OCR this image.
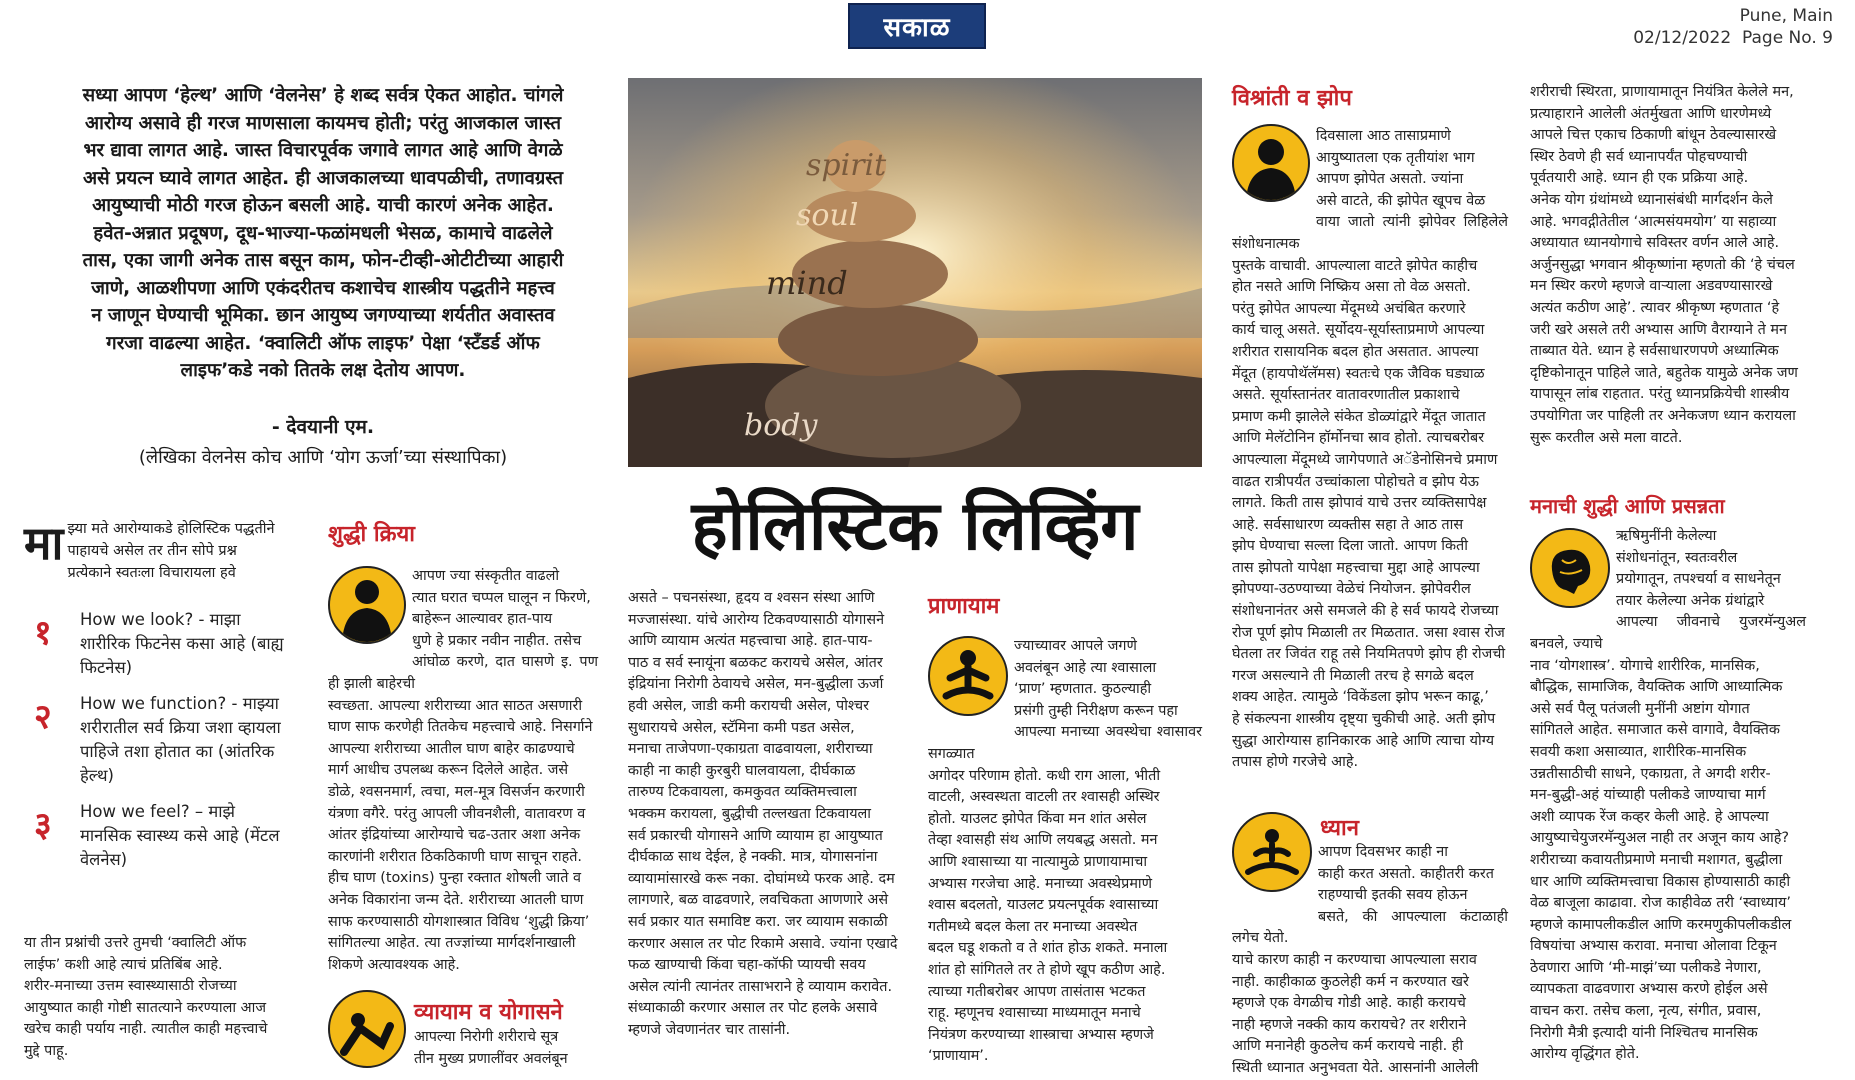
सकाळ	Pune, Main
02/12/2022  Page No. 9
सध्या आपण ‘हेल्थ’ आणि ‘वेलनेस’ हे शब्द सर्वत्र ऐकत आहोत. चांगले
आरोग्य असावे ही गरज माणसाला कायमच होती; परंतु आजकाल जास्त
भर द्यावा लागत आहे. जास्त विचारपूर्वक जगावे लागत आहे आणि वेगळे
असे प्रयत्न घ्यावे लागत आहेत. ही आजकालच्या धावपळीची, तणावग्रस्त
आयुष्याची मोठी गरज होऊन बसली आहे. याची कारणं अनेक आहेत.
हवेत-अन्नात प्रदूषण, दूध-भाज्या-फळांमधली भेसळ, कामाचे वाढलेले
तास, एका जागी अनेक तास बसून काम, फोन-टीव्ही-ओटीटीच्या आहारी
जाणे, आळशीपणा आणि एकंदरीतच कशाचेच शास्त्रीय पद्धतीने महत्त्व
न जाणून घेण्याची भूमिका. छान आयुष्य जगण्याच्या शर्यतीत अवास्तव
गरजा वाढल्या आहेत. ‘क्वालिटी ऑफ लाइफ’ पेक्षा ‘स्टँडर्ड ऑफ
लाइफ’कडे नको तितके लक्ष देतोय आपण.
- देवयानी एम.
(लेखिका वेलनेस कोच आणि ‘योग ऊर्जा’च्या संस्थापिका)
spirit
soul
mind
body
होलिस्टिक लिव्हिंग
मा झ्या मते आरोग्याकडे होलिस्टिक पद्धतीने
पाहायचे असेल तर तीन सोपे प्रश्न
प्रत्येकाने स्वतःला विचारायला हवे
१	How we look? - माझा
शारीरिक फिटनेस कसा आहे (बाह्य
फिटनेस)
२	How we function? - माझ्या
शरीरातील सर्व क्रिया जशा व्हायला
पाहिजे तशा होतात का (आंतरिक
हेल्थ)
३	How we feel? – माझे
मानसिक स्वास्थ्य कसे आहे (मेंटल
वेलनेस)
या तीन प्रश्नांची उत्तरे तुमची ‘क्वालिटी ऑफ
लाईफ’ कशी आहे त्याचं प्रतिबिंब आहे.
शरीर-मनाच्या उत्तम स्वास्थ्यासाठी रोजच्या
आयुष्यात काही गोष्टी सातत्याने करण्याला आज
खरेच काही पर्याय नाही. त्यातील काही महत्त्वाचे
मुद्दे पाहू.
शुद्धी क्रिया
आपण ज्या संस्कृतीत वाढलो
त्यात घरात चप्पल घालून न फिरणे,
बाहेरून आल्यावर हात-पाय
धुणे हे प्रकार नवीन नाहीत. तसेच
आंघोळ करणे, दात घासणे इ. पण ही झाली बाहेरची
स्वच्छता. आपल्या शरीराच्या आत साठत असणारी
घाण साफ करणेही तितकेच महत्त्वाचे आहे. निसर्गाने
आपल्या शरीराच्या आतील घाण बाहेर काढण्याचे
मार्ग आधीच उपलब्ध करून दिलेले आहेत. जसे
डोळे, श्वसनमार्ग, त्वचा, मल-मूत्र विसर्जन करणारी
यंत्रणा वगैरे. परंतु आपली जीवनशैली, वातावरण व
आंतर इंद्रियांच्या आरोग्याचे चढ-उतार अशा अनेक
कारणांनी शरीरात ठिकठिकाणी घाण साचून राहते.
हीच घाण (toxins) पुन्हा रक्तात शोषली जाते व
अनेक विकारांना जन्म देते. शरीराच्या आतली घाण
साफ करण्यासाठी योगशास्त्रात विविध ‘शुद्धी क्रिया’
सांगितल्या आहेत. त्या तज्ज्ञांच्या मार्गदर्शनाखाली
शिकणे अत्यावश्यक आहे.
व्यायाम व योगासने
आपल्या निरोगी शरीराचे सूत्र
तीन मुख्य प्रणालींवर अवलंबून
असते – पचनसंस्था, हृदय व श्वसन संस्था आणि
मज्जासंस्था. यांचे आरोग्य टिकवण्यासाठी योगासने
आणि व्यायाम अत्यंत महत्त्वाचा आहे. हात-पाय-
पाठ व सर्व स्नायूंना बळकट करायचे असेल, आंतर
इंद्रियांना निरोगी ठेवायचे असेल, मन-बुद्धीला ऊर्जा
हवी असेल, जाडी कमी करायची असेल, पोश्चर
सुधारायचे असेल, स्टॅमिना कमी पडत असेल,
मनाचा ताजेपणा-एकाग्रता वाढवायला, शरीराच्या
काही ना काही कुरबुरी घालवायला, दीर्घकाळ
तारुण्य टिकवायला, कमकुवत व्यक्तिमत्त्वाला
भक्कम करायला, बुद्धीची तल्लखता टिकवायला
सर्व प्रकारची योगासने आणि व्यायाम हा आयुष्यात
दीर्घकाळ साथ देईल, हे नक्की. मात्र, योगासनांना
व्यायामांसारखे करू नका. दोघांमध्ये फरक आहे. दम
लागणारे, बळ वाढवणारे, लवचिकता आणणारे असे
सर्व प्रकार यात समाविष्ट करा. जर व्यायाम सकाळी
करणार असाल तर पोट रिकामे असावे. ज्यांना एखादे
फळ खाण्याची किंवा चहा-कॉफी प्यायची सवय
असेल त्यांनी त्यानंतर तासाभराने हे व्यायाम करावेत.
संध्याकाळी करणार असाल तर पोट हलके असावे
म्हणजे जेवणानंतर चार तासांनी.
प्राणायाम
ज्याच्यावर आपले जगणे
अवलंबून आहे त्या श्वासाला
‘प्राण’ म्हणतात. कुठल्याही
प्रसंगी तुम्ही निरीक्षण करून पहा
आपल्या मनाच्या अवस्थेचा श्वासावर सगळ्यात
अगोदर परिणाम होतो. कधी राग आला, भीती
वाटली, अस्वस्थता वाटली तर श्वासही अस्थिर
होतो. याउलट झोपेत किंवा मन शांत असेल
तेव्हा श्वासही संथ आणि लयबद्ध असतो. मन
आणि श्वासाच्या या नात्यामुळे प्राणायामाचा
अभ्यास गरजेचा आहे. मनाच्या अवस्थेप्रमाणे
श्वास बदलतो, याउलट प्रयत्नपूर्वक श्वासाच्या
गतीमध्ये बदल केला तर मनाच्या अवस्थेत
बदल घडू शकतो व ते शांत होऊ शकते. मनाला
शांत हो सांगितले तर ते होणे खूप कठीण आहे.
त्याच्या गतीबरोबर आपण तासंतास भटकत
राहू. म्हणूनच श्वासाच्या माध्यमातून मनाचे
नियंत्रण करण्याच्या शास्त्राचा अभ्यास म्हणजे
‘प्राणायाम’.
विश्रांती व झोप
दिवसाला आठ तासाप्रमाणे
आयुष्यातला एक तृतीयांश भाग
आपण झोपेत असतो. ज्यांना
असे वाटते, की झोपेत खूपच वेळ
वाया जातो त्यांनी झोपेवर लिहिलेले संशोधनात्मक
पुस्तके वाचावी. आपल्याला वाटते झोपेत काहीच
होत नसते आणि निष्क्रिय असा तो वेळ असतो.
परंतु झोपेत आपल्या मेंदूमध्ये अचंबित करणारे
कार्य चालू असते. सूर्योदय-सूर्यास्ताप्रमाणे आपल्या
शरीरात रासायनिक बदल होत असतात. आपल्या
मेंदूत (हायपोथॅलॅमस) स्वतःचे एक जैविक घड्याळ
असते. सूर्यास्तानंतर वातावरणातील प्रकाशाचे
प्रमाण कमी झालेले संकेत डोळ्यांद्वारे मेंदूत जातात
आणि मेलॅटोनिन हॉर्मोनचा स्राव होतो. त्याचबरोबर
आपल्याला मेंदूमध्ये जागेपणाते अॅडेनोसिनचे प्रमाण
वाढत रात्रीपर्यंत उच्चांकाला पोहोचते व झोप येऊ
लागते. किती तास झोपावं याचे उत्तर व्यक्तिसापेक्ष
आहे. सर्वसाधारण व्यक्तीस सहा ते आठ तास
झोप घेण्याचा सल्ला दिला जातो. आपण किती
तास झोपतो यापेक्षा महत्त्वाचा मुद्दा आहे आपल्या
झोपण्या-उठण्याच्या वेळेचं नियोजन. झोपेवरील
संशोधनानंतर असे समजले की हे सर्व फायदे रोजच्या
रोज पूर्ण झोप मिळाली तर मिळतात. जसा श्वास रोज
घेतला तर जिवंत राहू तसे नियमितपणे झोप ही रोजची
गरज असल्याने ती मिळाली तरच हे सगळे बदल
शक्य आहेत. त्यामुळे ‘विकेंडला झोप भरून काढू,’
हे संकल्पना शास्त्रीय दृष्ट्या चुकीची आहे. अती झोप
सुद्धा आरोग्यास हानिकारक आहे आणि त्याचा योग्य
तपास होणे गरजेचे आहे.
ध्यान
आपण दिवसभर काही ना
काही करत असतो. काहीतरी करत
राहण्याची इतकी सवय होऊन
बसते, की आपल्याला कंटाळाही लगेच येतो.
याचे कारण काही न करण्याचा आपल्याला सराव
नाही. काहीकाळ कुठलेही कर्म न करण्यात खरे
म्हणजे एक वेगळीच गोडी आहे. काही करायचे
नाही म्हणजे नक्की काय करायचे? तर शरीराने
आणि मनानेही कुठलेच कर्म करायचे नाही. ही
स्थिती ध्यानात अनुभवता येते. आसनांनी आलेली
शरीराची स्थिरता, प्राणायामातून नियंत्रित केलेले मन,
प्रत्याहाराने आलेली अंतर्मुखता आणि धारणेमध्ये
आपले चित्त एकाच ठिकाणी बांधून ठेवल्यासारखे
स्थिर ठेवणे ही सर्व ध्यानापर्यंत पोहचण्याची
पूर्वतयारी आहे. ध्यान ही एक प्रक्रिया आहे.
अनेक योग ग्रंथांमध्ये ध्यानासंबंधी मार्गदर्शन केले
आहे. भगवद्गीतेतील ‘आत्मसंयमयोग’ या सहाव्या
अध्यायात ध्यानयोगाचे सविस्तर वर्णन आले आहे.
अर्जुनसुद्धा भगवान श्रीकृष्णांना म्हणतो की ‘हे चंचल
मन स्थिर करणे म्हणजे वाऱ्याला अडवण्यासारखे
अत्यंत कठीण आहे’. त्यावर श्रीकृष्ण म्हणतात ‘हे
जरी खरे असले तरी अभ्यास आणि वैराग्याने ते मन
ताब्यात येते. ध्यान हे सर्वसाधारणपणे अध्यात्मिक
दृष्टिकोनातून पाहिले जाते, बहुतेक यामुळे अनेक जण
यापासून लांब राहतात. परंतु ध्यानप्रक्रियेची शास्त्रीय
उपयोगिता जर पाहिली तर अनेकजण ध्यान करायला
सुरू करतील असे मला वाटते.
मनाची शुद्धी आणि प्रसन्नता
ऋषिमुनींनी केलेल्या
संशोधनांतून, स्वतःवरील
प्रयोगातून, तपश्चर्या व साधनेतून
तयार केलेल्या अनेक ग्रंथांद्वारे
आपल्या जीवनाचे युजरमॅन्युअल बनवले, ज्याचे
नाव ‘योगशास्त्र’. योगाचे शारीरिक, मानसिक,
बौद्धिक, सामाजिक, वैयक्तिक आणि आध्यात्मिक
असे सर्व पैलू पतंजली मुनींनी अष्टांग योगात
सांगितले आहेत. समाजात कसे वागावे, वैयक्तिक
सवयी कशा असाव्यात, शारीरिक-मानसिक
उन्नतीसाठीची साधने, एकाग्रता, ते अगदी शरीर-
मन-बुद्धी-अहं यांच्याही पलीकडे जाण्याचा मार्ग
अशी व्यापक रेंज कव्हर केली आहे. हे आपल्या
आयुष्याचेयुजरमॅन्युअल नाही तर अजून काय आहे?
शरीराच्या कवायतीप्रमाणे मनाची मशागत, बुद्धीला
धार आणि व्यक्तिमत्त्वाचा विकास होण्यासाठी काही
वेळ बाजूला काढावा. रोज काहीवेळ तरी ‘स्वाध्याय’
म्हणजे कामापलीकडील आणि करमणुकीपलीकडील
विषयांचा अभ्यास करावा. मनाचा ओलावा टिकून
ठेवणारा आणि ‘मी-माझं’च्या पलीकडे नेणारा,
व्यापकता वाढवणारा अभ्यास करणे होईल असे
वाचन करा. तसेच कला, नृत्य, संगीत, प्रवास,
निरोगी मैत्री इत्यादी यांनी निश्चितच मानसिक
आरोग्य वृद्धिंगत होते.
